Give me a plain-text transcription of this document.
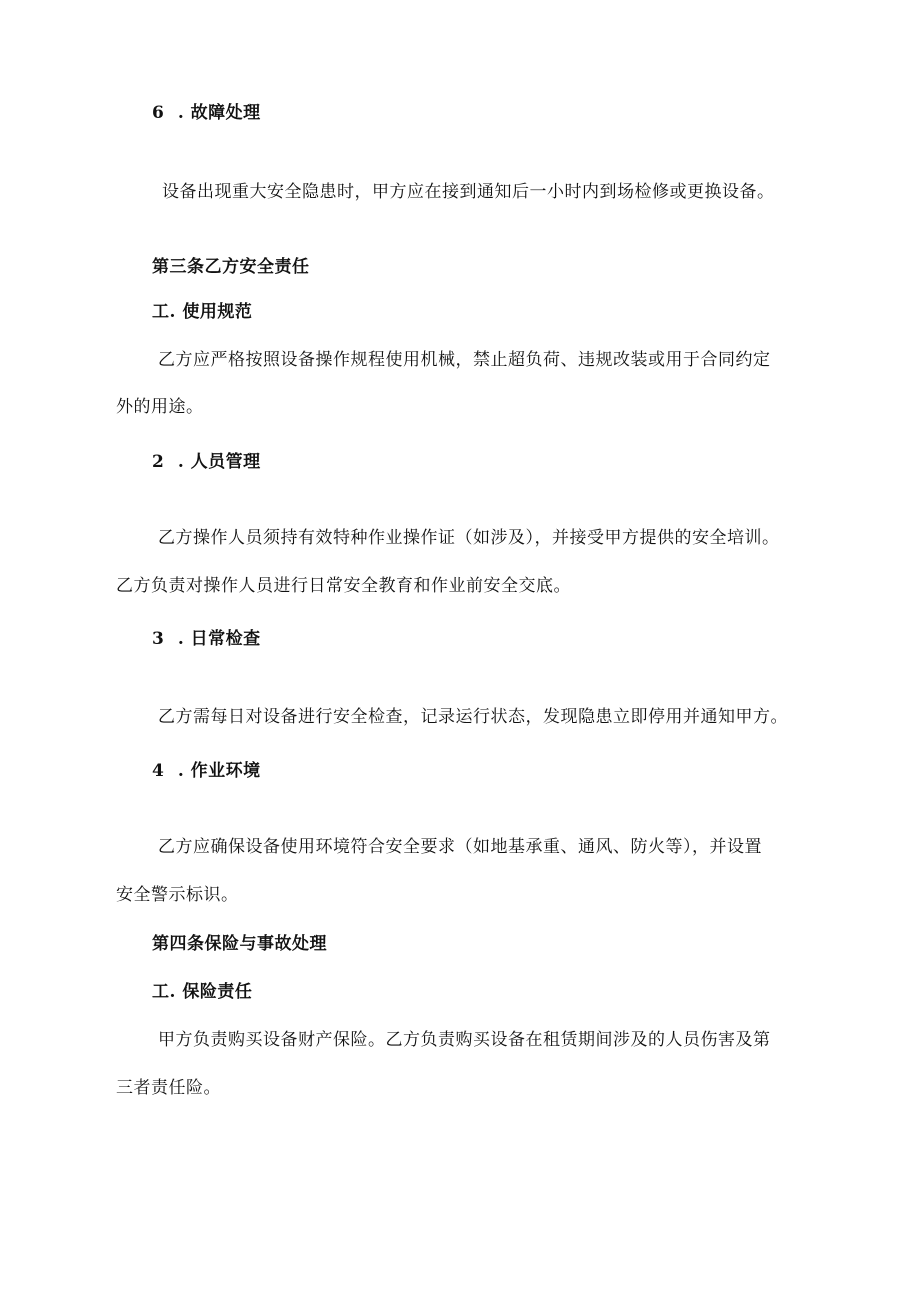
6 . 故障处理
设备出现重大安全隐患时，甲方应在接到通知后一小时内到场检修或更换设备。
第三条乙方安全责任
工. 使用规范
乙方应严格按照设备操作规程使用机械，禁止超负荷、违规改装或用于合同约定
外的用途。
2 . 人员管理
乙方操作人员须持有效特种作业操作证（如涉及），并接受甲方提供的安全培训。
乙方负责对操作人员进行日常安全教育和作业前安全交底。
3 . 日常检查
乙方需每日对设备进行安全检查，记录运行状态，发现隐患立即停用并通知甲方。
4 . 作业环境
乙方应确保设备使用环境符合安全要求（如地基承重、通风、防火等），并设置
安全警示标识。
第四条保险与事故处理
工. 保险责任
甲方负责购买设备财产保险。乙方负责购买设备在租赁期间涉及的人员伤害及第
三者责任险。
